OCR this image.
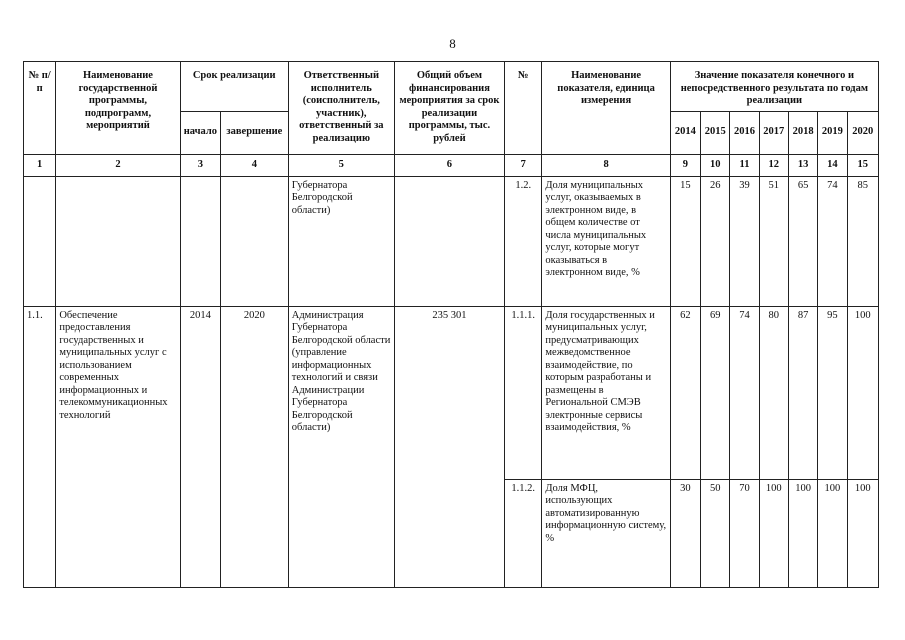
8
№ п/п	Наименование государственной программы, подпрограмм, мероприятий	Срок реализации		Ответственный исполнитель (соисполнитель, участник), ответственный за реализацию	Общий объем финансирования мероприятия за срок реализации программы, тыс. рублей	№	Наименование показателя, единица измерения	Значение показателя конечного и непосредственного результата по годам реализации						
		начало	завершение					2014	2015	2016	2017	2018	2019	2020
1	2	3	4	5	6	7	8	9	10	11	12	13	14	15
				Губернатора Белгородской области)		1.2.	Доля муниципальных услуг, оказываемых в электронном виде, в общем количестве от числа муниципальных услуг, которые могут оказываться в электронном виде, %	15	26	39	51	65	74	85
1.1.	Обеспечение предоставления государственных и муниципальных услуг с использованием современных информационных и телекоммуникационных технологий	2014	2020	Администрация Губернатора Белгородской области (управление информационных технологий и связи Администрации Губернатора Белгородской области)	235 301	1.1.1.	Доля государственных и муниципальных услуг, предусматривающих межведомственное взаимодействие, по которым разработаны и размещены в Региональной СМЭВ электронные сервисы взаимодействия, %	62	69	74	80	87	95	100
						1.1.2.	Доля МФЦ, использующих автоматизированную информационную систему, %	30	50	70	100	100	100	100
